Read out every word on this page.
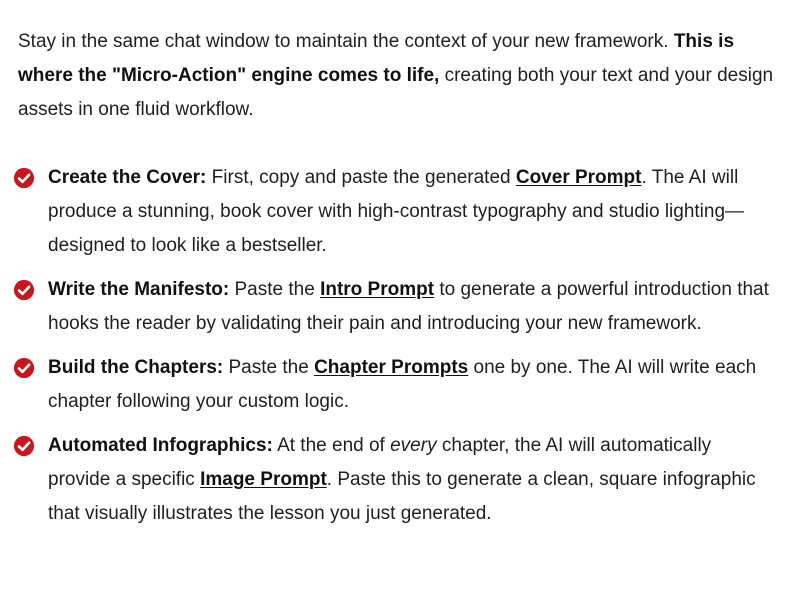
Stay in the same chat window to maintain the context of your new framework. This is where the "Micro-Action" engine comes to life, creating both your text and your design assets in one fluid workflow.

Create the Cover: First, copy and paste the generated Cover Prompt. The AI will produce a stunning, book cover with high-contrast typography and studio lighting—designed to look like a bestseller.
Write the Manifesto: Paste the Intro Prompt to generate a powerful introduction that hooks the reader by validating their pain and introducing your new framework.
Build the Chapters: Paste the Chapter Prompts one by one. The AI will write each chapter following your custom logic.
Automated Infographics: At the end of every chapter, the AI will automatically provide a specific Image Prompt. Paste this to generate a clean, square infographic that visually illustrates the lesson you just generated.
